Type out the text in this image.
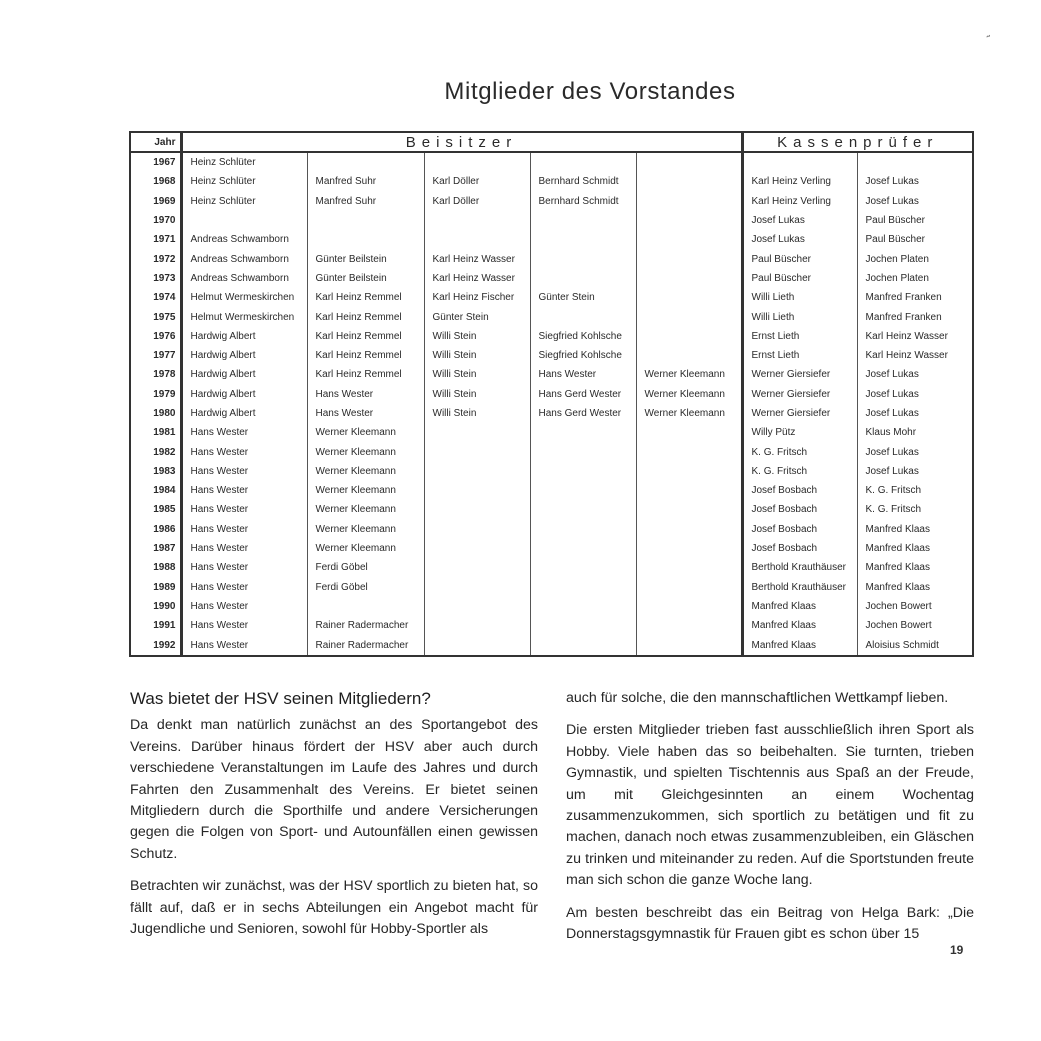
˜
Mitglieder des Vorstandes
Jahr	Beisitzer					Kassenprüfer	
1967	Heinz Schlüter						
1968	Heinz Schlüter	Manfred Suhr	Karl Döller	Bernhard Schmidt		Karl Heinz Verling	Josef Lukas
1969	Heinz Schlüter	Manfred Suhr	Karl Döller	Bernhard Schmidt		Karl Heinz Verling	Josef Lukas
1970						Josef Lukas	Paul Büscher
1971	Andreas Schwamborn					Josef Lukas	Paul Büscher
1972	Andreas Schwamborn	Günter Beilstein	Karl Heinz Wasser			Paul Büscher	Jochen Platen
1973	Andreas Schwamborn	Günter Beilstein	Karl Heinz Wasser			Paul Büscher	Jochen Platen
1974	Helmut Wermeskirchen	Karl Heinz Remmel	Karl Heinz Fischer	Günter Stein		Willi Lieth	Manfred Franken
1975	Helmut Wermeskirchen	Karl Heinz Remmel	Günter Stein			Willi Lieth	Manfred Franken
1976	Hardwig Albert	Karl Heinz Remmel	Willi Stein	Siegfried Kohlsche		Ernst Lieth	Karl Heinz Wasser
1977	Hardwig Albert	Karl Heinz Remmel	Willi Stein	Siegfried Kohlsche		Ernst Lieth	Karl Heinz Wasser
1978	Hardwig Albert	Karl Heinz Remmel	Willi Stein	Hans Wester	Werner Kleemann	Werner Giersiefer	Josef Lukas
1979	Hardwig Albert	Hans Wester	Willi Stein	Hans Gerd Wester	Werner Kleemann	Werner Giersiefer	Josef Lukas
1980	Hardwig Albert	Hans Wester	Willi Stein	Hans Gerd Wester	Werner Kleemann	Werner Giersiefer	Josef Lukas
1981	Hans Wester	Werner Kleemann				Willy Pütz	Klaus Mohr
1982	Hans Wester	Werner Kleemann				K. G. Fritsch	Josef Lukas
1983	Hans Wester	Werner Kleemann				K. G. Fritsch	Josef Lukas
1984	Hans Wester	Werner Kleemann				Josef Bosbach	K. G. Fritsch
1985	Hans Wester	Werner Kleemann				Josef Bosbach	K. G. Fritsch
1986	Hans Wester	Werner Kleemann				Josef Bosbach	Manfred Klaas
1987	Hans Wester	Werner Kleemann				Josef Bosbach	Manfred Klaas
1988	Hans Wester	Ferdi Göbel				Berthold Krauthäuser	Manfred Klaas
1989	Hans Wester	Ferdi Göbel				Berthold Krauthäuser	Manfred Klaas
1990	Hans Wester					Manfred Klaas	Jochen Bowert
1991	Hans Wester	Rainer Radermacher				Manfred Klaas	Jochen Bowert
1992	Hans Wester	Rainer Radermacher				Manfred Klaas	Aloisius Schmidt
Was bietet der HSV seinen Mitgliedern?

Da denkt man natürlich zunächst an des Sportangebot des Vereins. Darüber hinaus fördert der HSV aber auch durch verschiedene Veranstaltungen im Laufe des Jahres und durch Fahrten den Zusammenhalt des Vereins. Er bietet seinen Mitgliedern durch die Sporthilfe und andere Versicherungen gegen die Folgen von Sport- und Autounfällen einen gewissen Schutz.

Betrachten wir zunächst, was der HSV sportlich zu bieten hat, so fällt auf, daß er in sechs Abteilungen ein Angebot macht für Jugendliche und Senioren, sowohl für Hobby-Sportler als

auch für solche, die den mannschaftlichen Wettkampf lieben.

Die ersten Mitglieder trieben fast ausschließlich ihren Sport als Hobby. Viele haben das so beibehalten. Sie turnten, trieben Gymnastik, und spielten Tischtennis aus Spaß an der Freude, um mit Gleichgesinnten an einem Wochentag zusammenzukommen, sich sportlich zu betätigen und fit zu machen, danach noch etwas zusammenzubleiben, ein Gläschen zu trinken und miteinander zu reden. Auf die Sportstunden freute man sich schon die ganze Woche lang.

Am besten beschreibt das ein Beitrag von Helga Bark: „Die Donnerstagsgymnastik für Frauen gibt es schon über 15

19
